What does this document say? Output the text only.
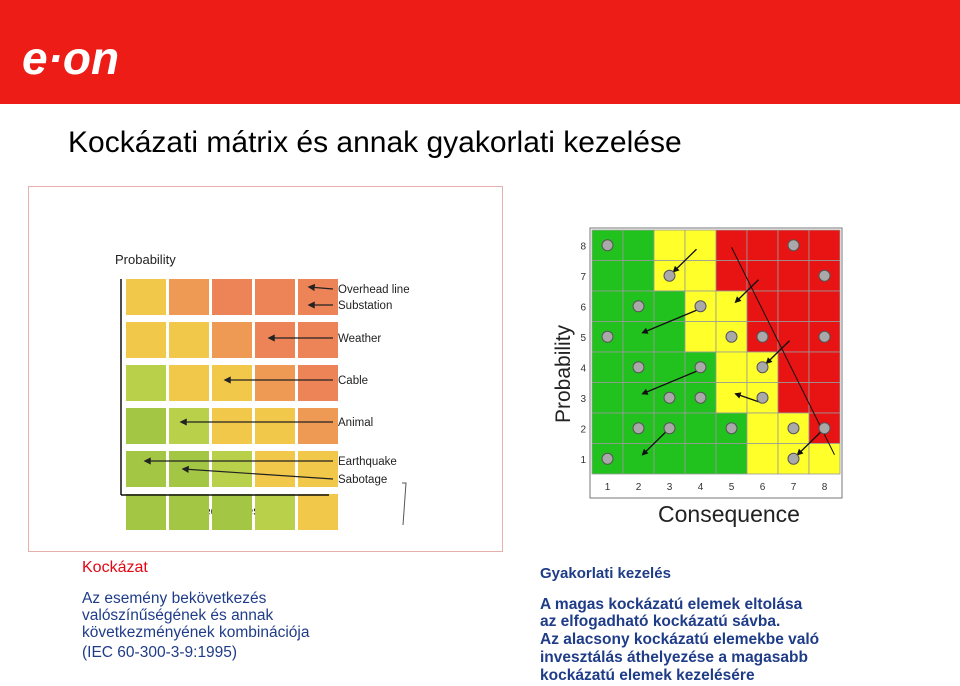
e·on
Kockázati mátrix és annak gyakorlati kezelése
Probability
Overhead line
Substation
Weather
Cable
Animal
Earthquake
Sabotage
1	2	3	4	5	6	7	8
1
2
3
4
5
6
7
8
Probability
Consequence
Kockázat
Az esemény bekövetkezés
valószínűségének és annak
következményének kombinációja
(IEC 60-300-3-9:1995)
Gyakorlati kezelés
A magas kockázatú elemek eltolása
az elfogadható kockázatú sávba.
Az alacsony kockázatú elemekbe való
invesztálás áthelyezése a magasabb
kockázatú elemek kezelésére
